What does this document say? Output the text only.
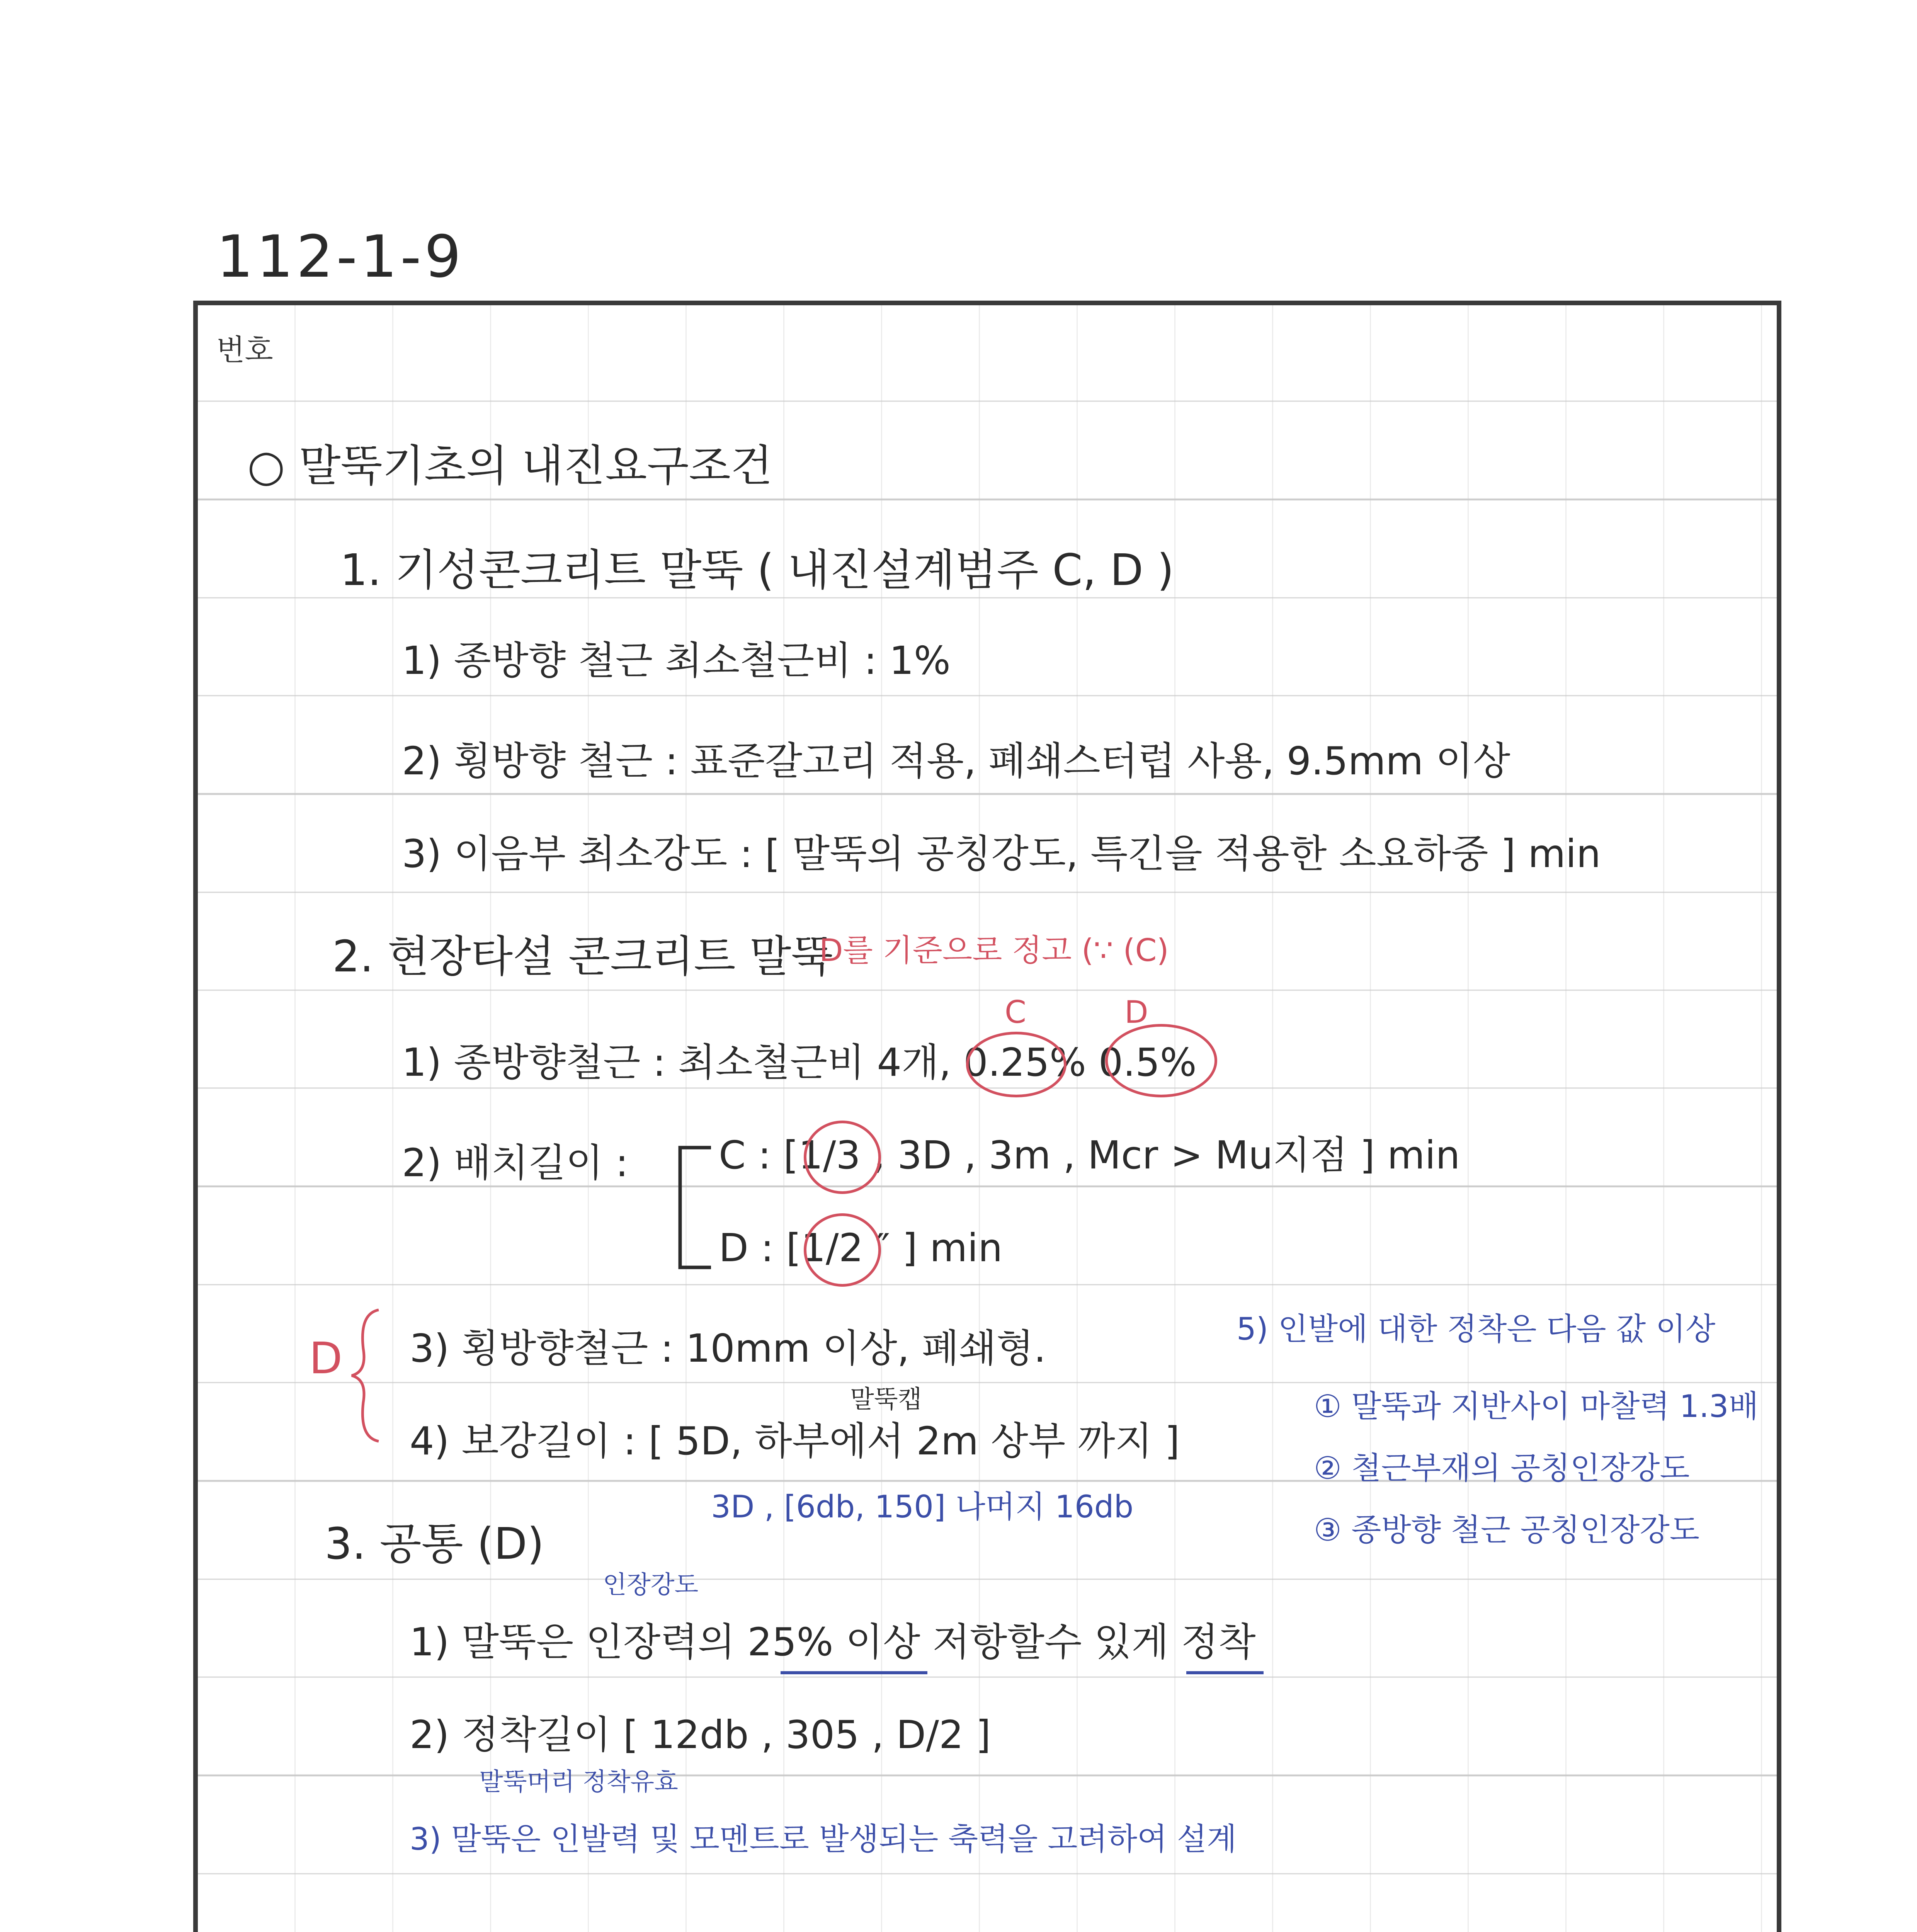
112-1-9
번호
○ 말뚝기초의 내진요구조건
1. 기성콘크리트 말뚝 ( 내진설계범주 C, D )
1) 종방향 철근 최소철근비 : 1%
2) 횡방향 철근 : 표준갈고리 적용, 폐쇄스터럽 사용, 9.5mm 이상
3) 이음부 최소강도 : [ 말뚝의 공칭강도, 특긴을 적용한 소요하중 ] min
2. 현장타설 콘크리트 말뚝
D를 기준으로 정고 (∵ (C)
C	D
1) 종방향철근 : 최소철근비 4개, 0.25% 0.5%
2) 배치길이 : C : [1/3 , 3D , 3m , Mcr > Mu지점 ] min
D : [1/2 ″ ] min
D 3) 횡방향철근 : 10mm 이상, 폐쇄형.
말뚝캡
4) 보강길이 : [ 5D, 하부에서 2m 상부 까지 ]
3D , [6db, 150] 나머지 16db
3. 공통 (D)
인장강도
1) 말뚝은 인장력의 25% 이상 저항할수 있게 정착
2) 정착길이 [ 12db , 305 , D/2 ]
말뚝머리 정착유효
3) 말뚝은 인발력 및 모멘트로 발생되는 축력을 고려하여 설계
5) 인발에 대한 정착은 다음 값 이상
① 말뚝과 지반사이 마찰력 1.3배
② 철근부재의 공칭인장강도
③ 종방향 철근 공칭인장강도
